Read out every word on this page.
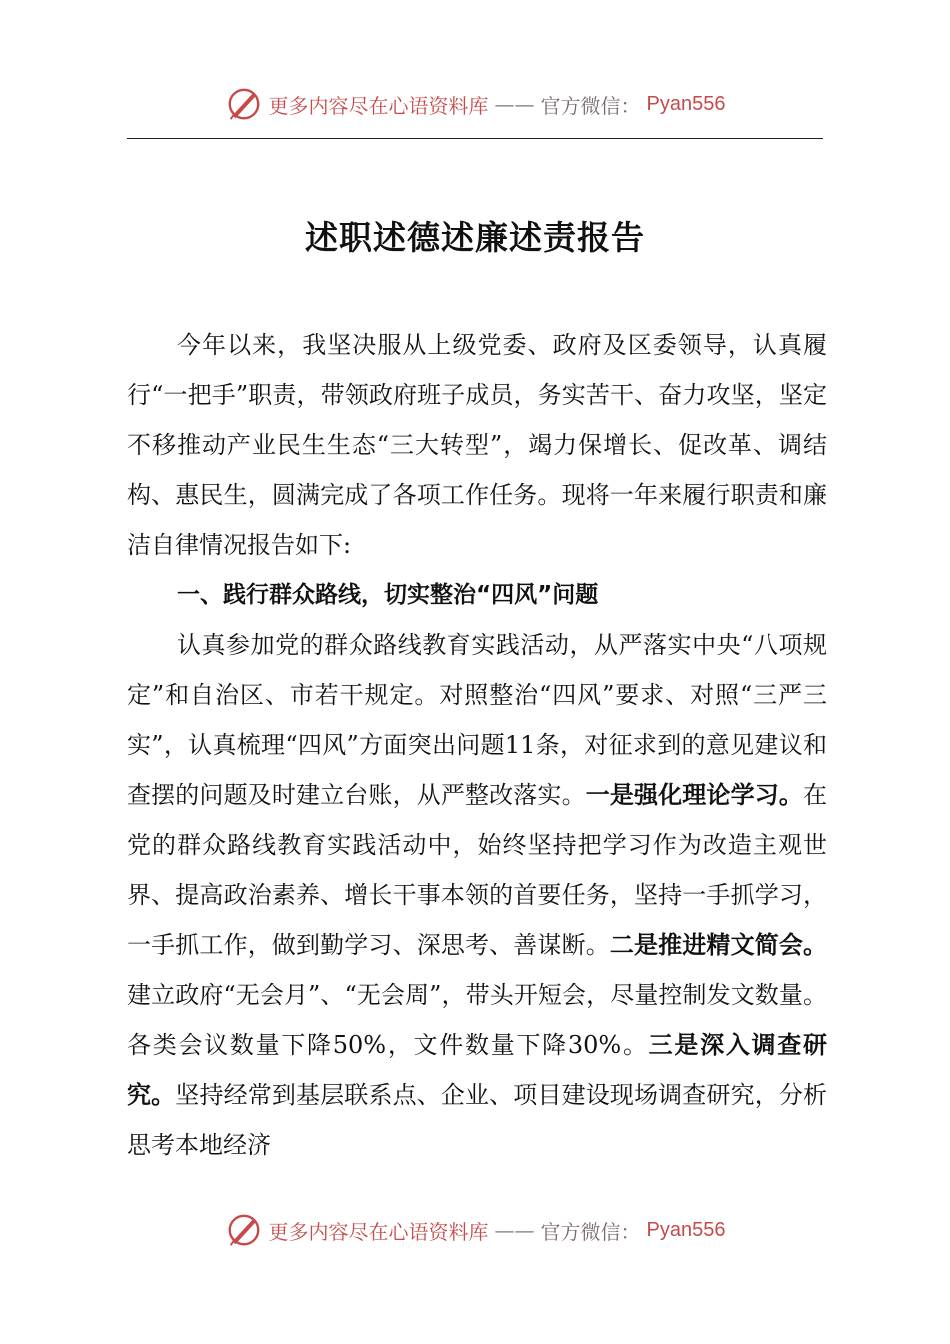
更多内容尽在心语资料库 —— 官方微信： Pyan556
述职述德述廉述责报告

今年以来，我坚决服从上级党委、政府及区委领导，认真履行“一把手”职责，带领政府班子成员，务实苦干、奋力攻坚，坚定不移推动产业民生生态“三大转型”，竭力保增长、促改革、调结构、惠民生，圆满完成了各项工作任务。现将一年来履行职责和廉洁自律情况报告如下:

一、践行群众路线，切实整治“四风”问题

认真参加党的群众路线教育实践活动，从严落实中央“八项规定”和自治区、市若干规定。对照整治“四风”要求、对照“三严三实”，认真梳理“四风”方面突出问题11条，对征求到的意见建议和查摆的问题及时建立台账，从严整改落实。一是强化理论学习。在党的群众路线教育实践活动中，始终坚持把学习作为改造主观世界、提高政治素养、增长干事本领的首要任务，坚持一手抓学习，一手抓工作，做到勤学习、深思考、善谋断。二是推进精文简会。建立政府“无会月”、“无会周”，带头开短会，尽量控制发文数量。各类会议数量下降50%，文件数量下降30%。三是深入调查研究。坚持经常到基层联系点、企业、项目建设现场调查研究，分析思考本地经济

更多内容尽在心语资料库 —— 官方微信： Pyan556
